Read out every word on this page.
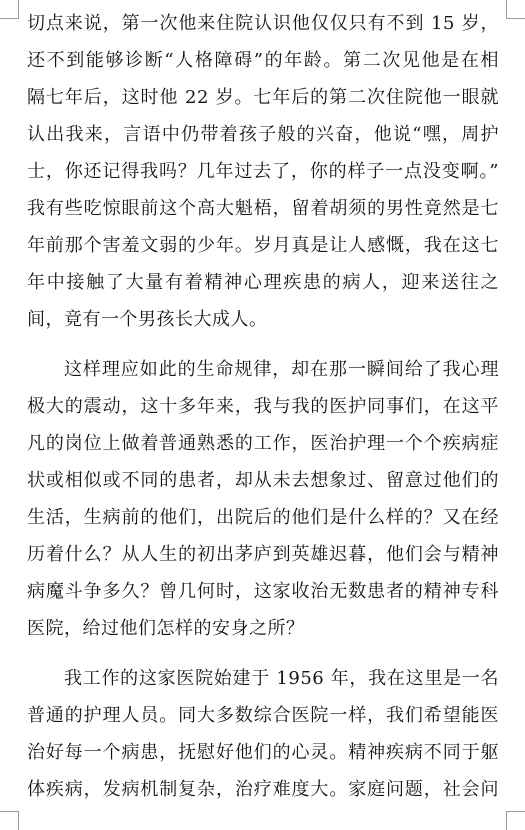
切点来说，第一次他来住院认识他仅仅只有不到 15 岁，
还不到能够诊断“人格障碍”的年龄。第二次见他是在相
隔七年后，这时他 22 岁。七年后的第二次住院他一眼就
认出我来，言语中仍带着孩子般的兴奋，他说“嘿，周护
士，你还记得我吗？几年过去了，你的样子一点没变啊。”
我有些吃惊眼前这个高大魁梧，留着胡须的男性竟然是七
年前那个害羞文弱的少年。岁月真是让人感慨，我在这七
年中接触了大量有着精神心理疾患的病人，迎来送往之
间，竟有一个男孩长大成人。
这样理应如此的生命规律，却在那一瞬间给了我心理
极大的震动，这十多年来，我与我的医护同事们，在这平
凡的岗位上做着普通熟悉的工作，医治护理一个个疾病症
状或相似或不同的患者，却从未去想象过、留意过他们的
生活，生病前的他们，出院后的他们是什么样的？又在经
历着什么？从人生的初出茅庐到英雄迟暮，他们会与精神
病魔斗争多久？曾几何时，这家收治无数患者的精神专科
医院，给过他们怎样的安身之所？
我工作的这家医院始建于 1956 年，我在这里是一名
普通的护理人员。同大多数综合医院一样，我们希望能医
治好每一个病患，抚慰好他们的心灵。精神疾病不同于躯
体疾病，发病机制复杂，治疗难度大。家庭问题，社会问
